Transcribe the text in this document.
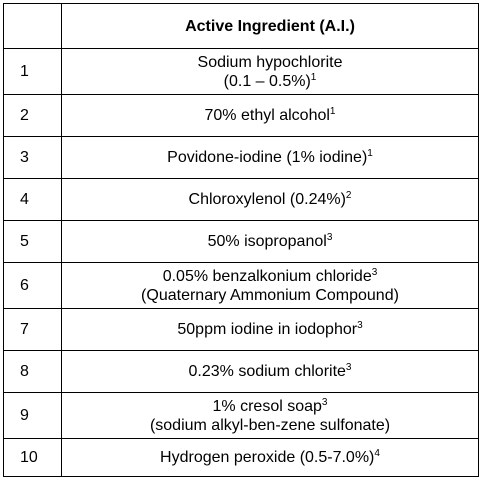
	Active Ingredient (A.I.)
1	Sodium hypochlorite
(0.1 – 0.5%)$^1$
2	70% ethyl alcohol$^1$
3	Povidone-iodine (1% iodine)$^1$
4	Chloroxylenol $(0.24\%)^2$
5	50% isopropanol$^3$
6	0.05% benzalkonium chloride$^3$
(Quaternary Ammonium Compound)
7	50ppm iodine in iodophor$^3$
8	0.23% sodium chlorite$^3$
9	1% cresol soap$^3$
(sodium alkyl-ben-zene sulfonate)
10	Hydrogen peroxide $(0.5-7.0\%)^4$
